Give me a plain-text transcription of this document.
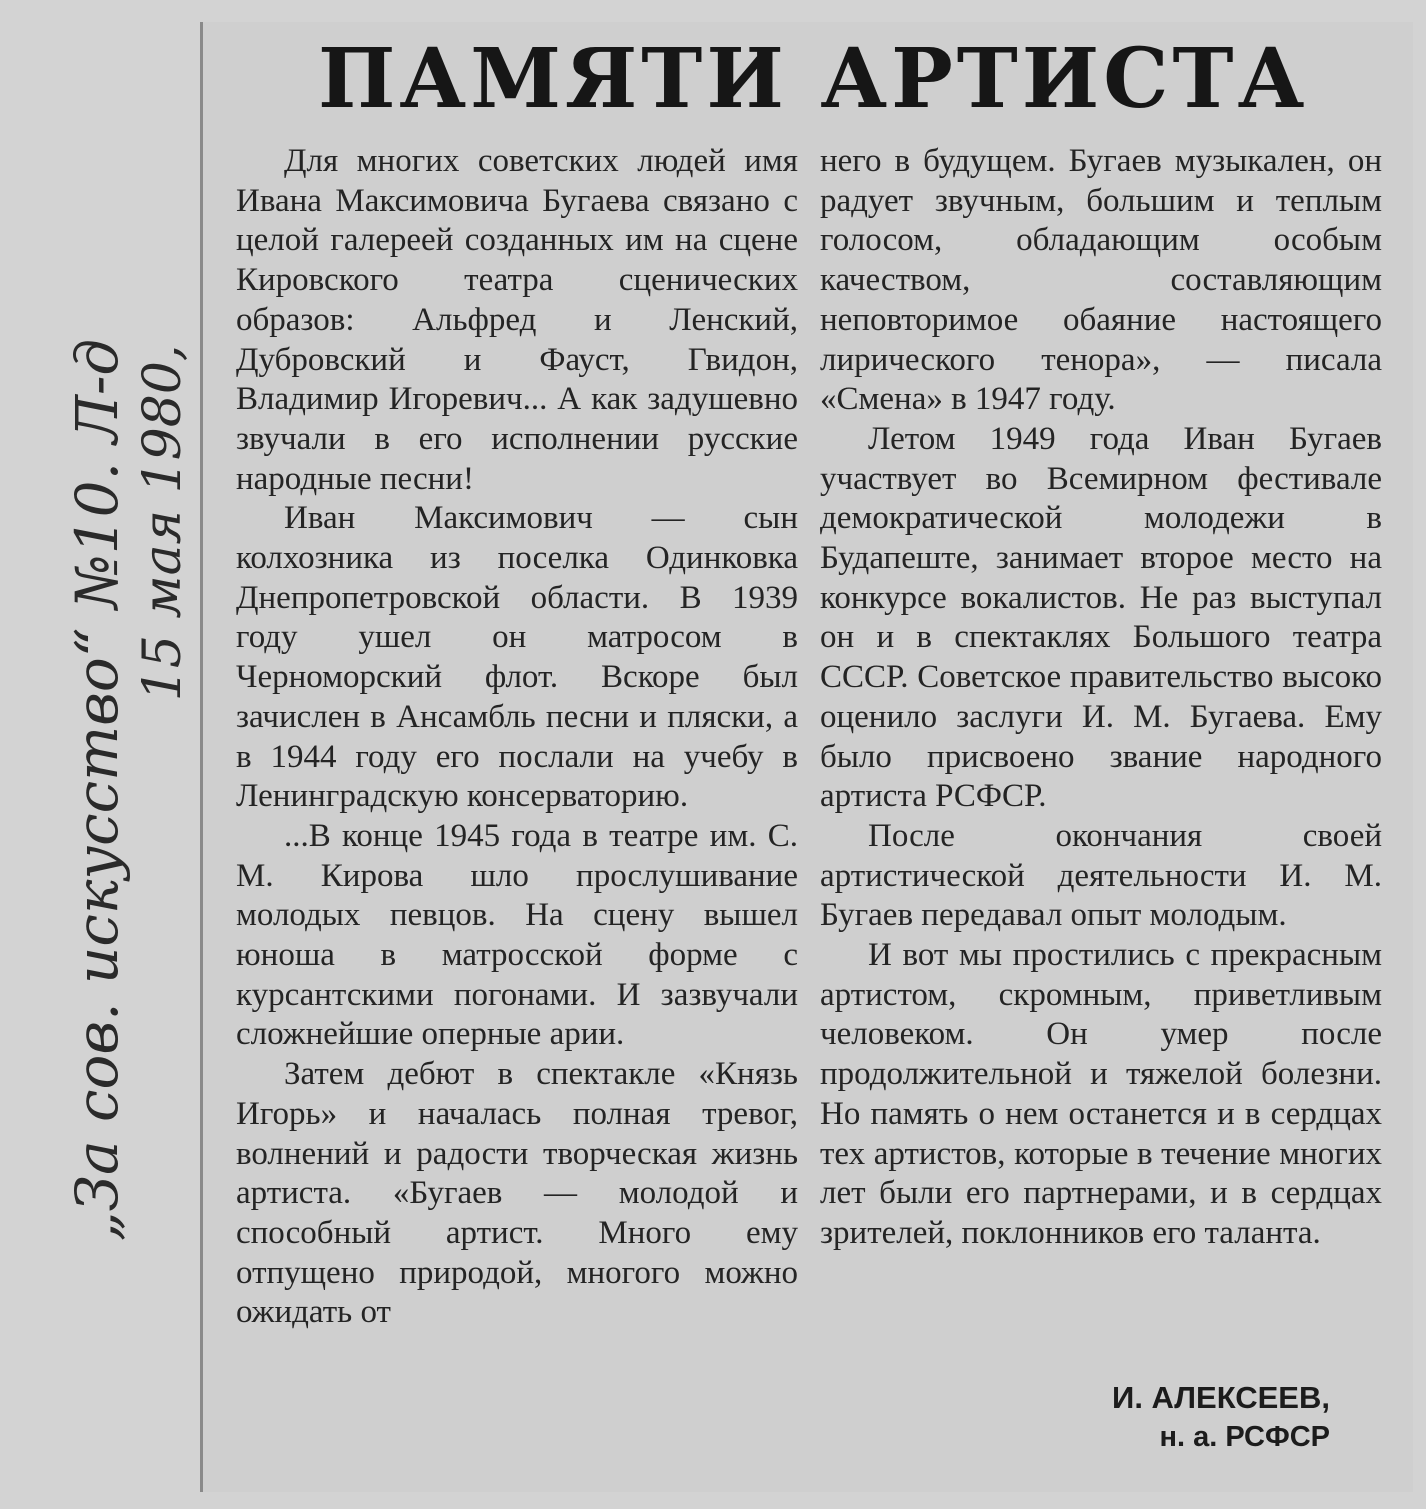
ПАМЯТИ АРТИСТА

Для многих советских людей имя Ивана Максимовича Бугаева связано с целой галереей созданных им на сцене Кировского театра сценических образов: Альфред и Ленский, Дубровский и Фауст, Гвидон, Владимир Игоревич... А как задушевно звучали в его исполнении русские народные песни!

Иван Максимович — сын колхозника из поселка Одинковка Днепропетровской области. В 1939 году ушел он матросом в Черноморский флот. Вскоре был зачислен в Ансамбль песни и пляски, а в 1944 году его послали на учебу в Ленинградскую консерваторию.

...В конце 1945 года в театре им. С. М. Кирова шло прослушивание молодых певцов. На сцену вышел юноша в матросской форме с курсантскими погонами. И зазвучали сложнейшие оперные арии.

Затем дебют в спектакле «Князь Игорь» и началась полная тревог, волнений и радости творческая жизнь артиста. «Бугаев — молодой и способный артист. Много ему отпущено природой, многого можно ожидать от

него в будущем. Бугаев музыкален, он радует звучным, большим и теплым голосом, обладающим особым качеством, составляющим неповторимое обаяние настоящего лирического тенора», — писала «Смена» в 1947 году.

Летом 1949 года Иван Бугаев участвует во Всемирном фестивале демократической молодежи в Будапеште, занимает второе место на конкурсе вокалистов. Не раз выступал он и в спектаклях Большого театра СССР. Советское правительство высоко оценило заслуги И. М. Бугаева. Ему было присвоено звание народного артиста РСФСР.

После окончания своей артистической деятельности И. М. Бугаев передавал опыт молодым.

И вот мы простились с прекрасным артистом, скромным, приветливым человеком. Он умер после продолжительной и тяжелой болезни. Но память о нем останется и в сердцах тех артистов, которые в течение многих лет были его партнерами, и в сердцах зрителей, поклонников его таланта.

И. АЛЕКСЕЕВ,
н. а. РСФСР
„За сов. искусство“ №10. Л-д 15 мая 1980,
